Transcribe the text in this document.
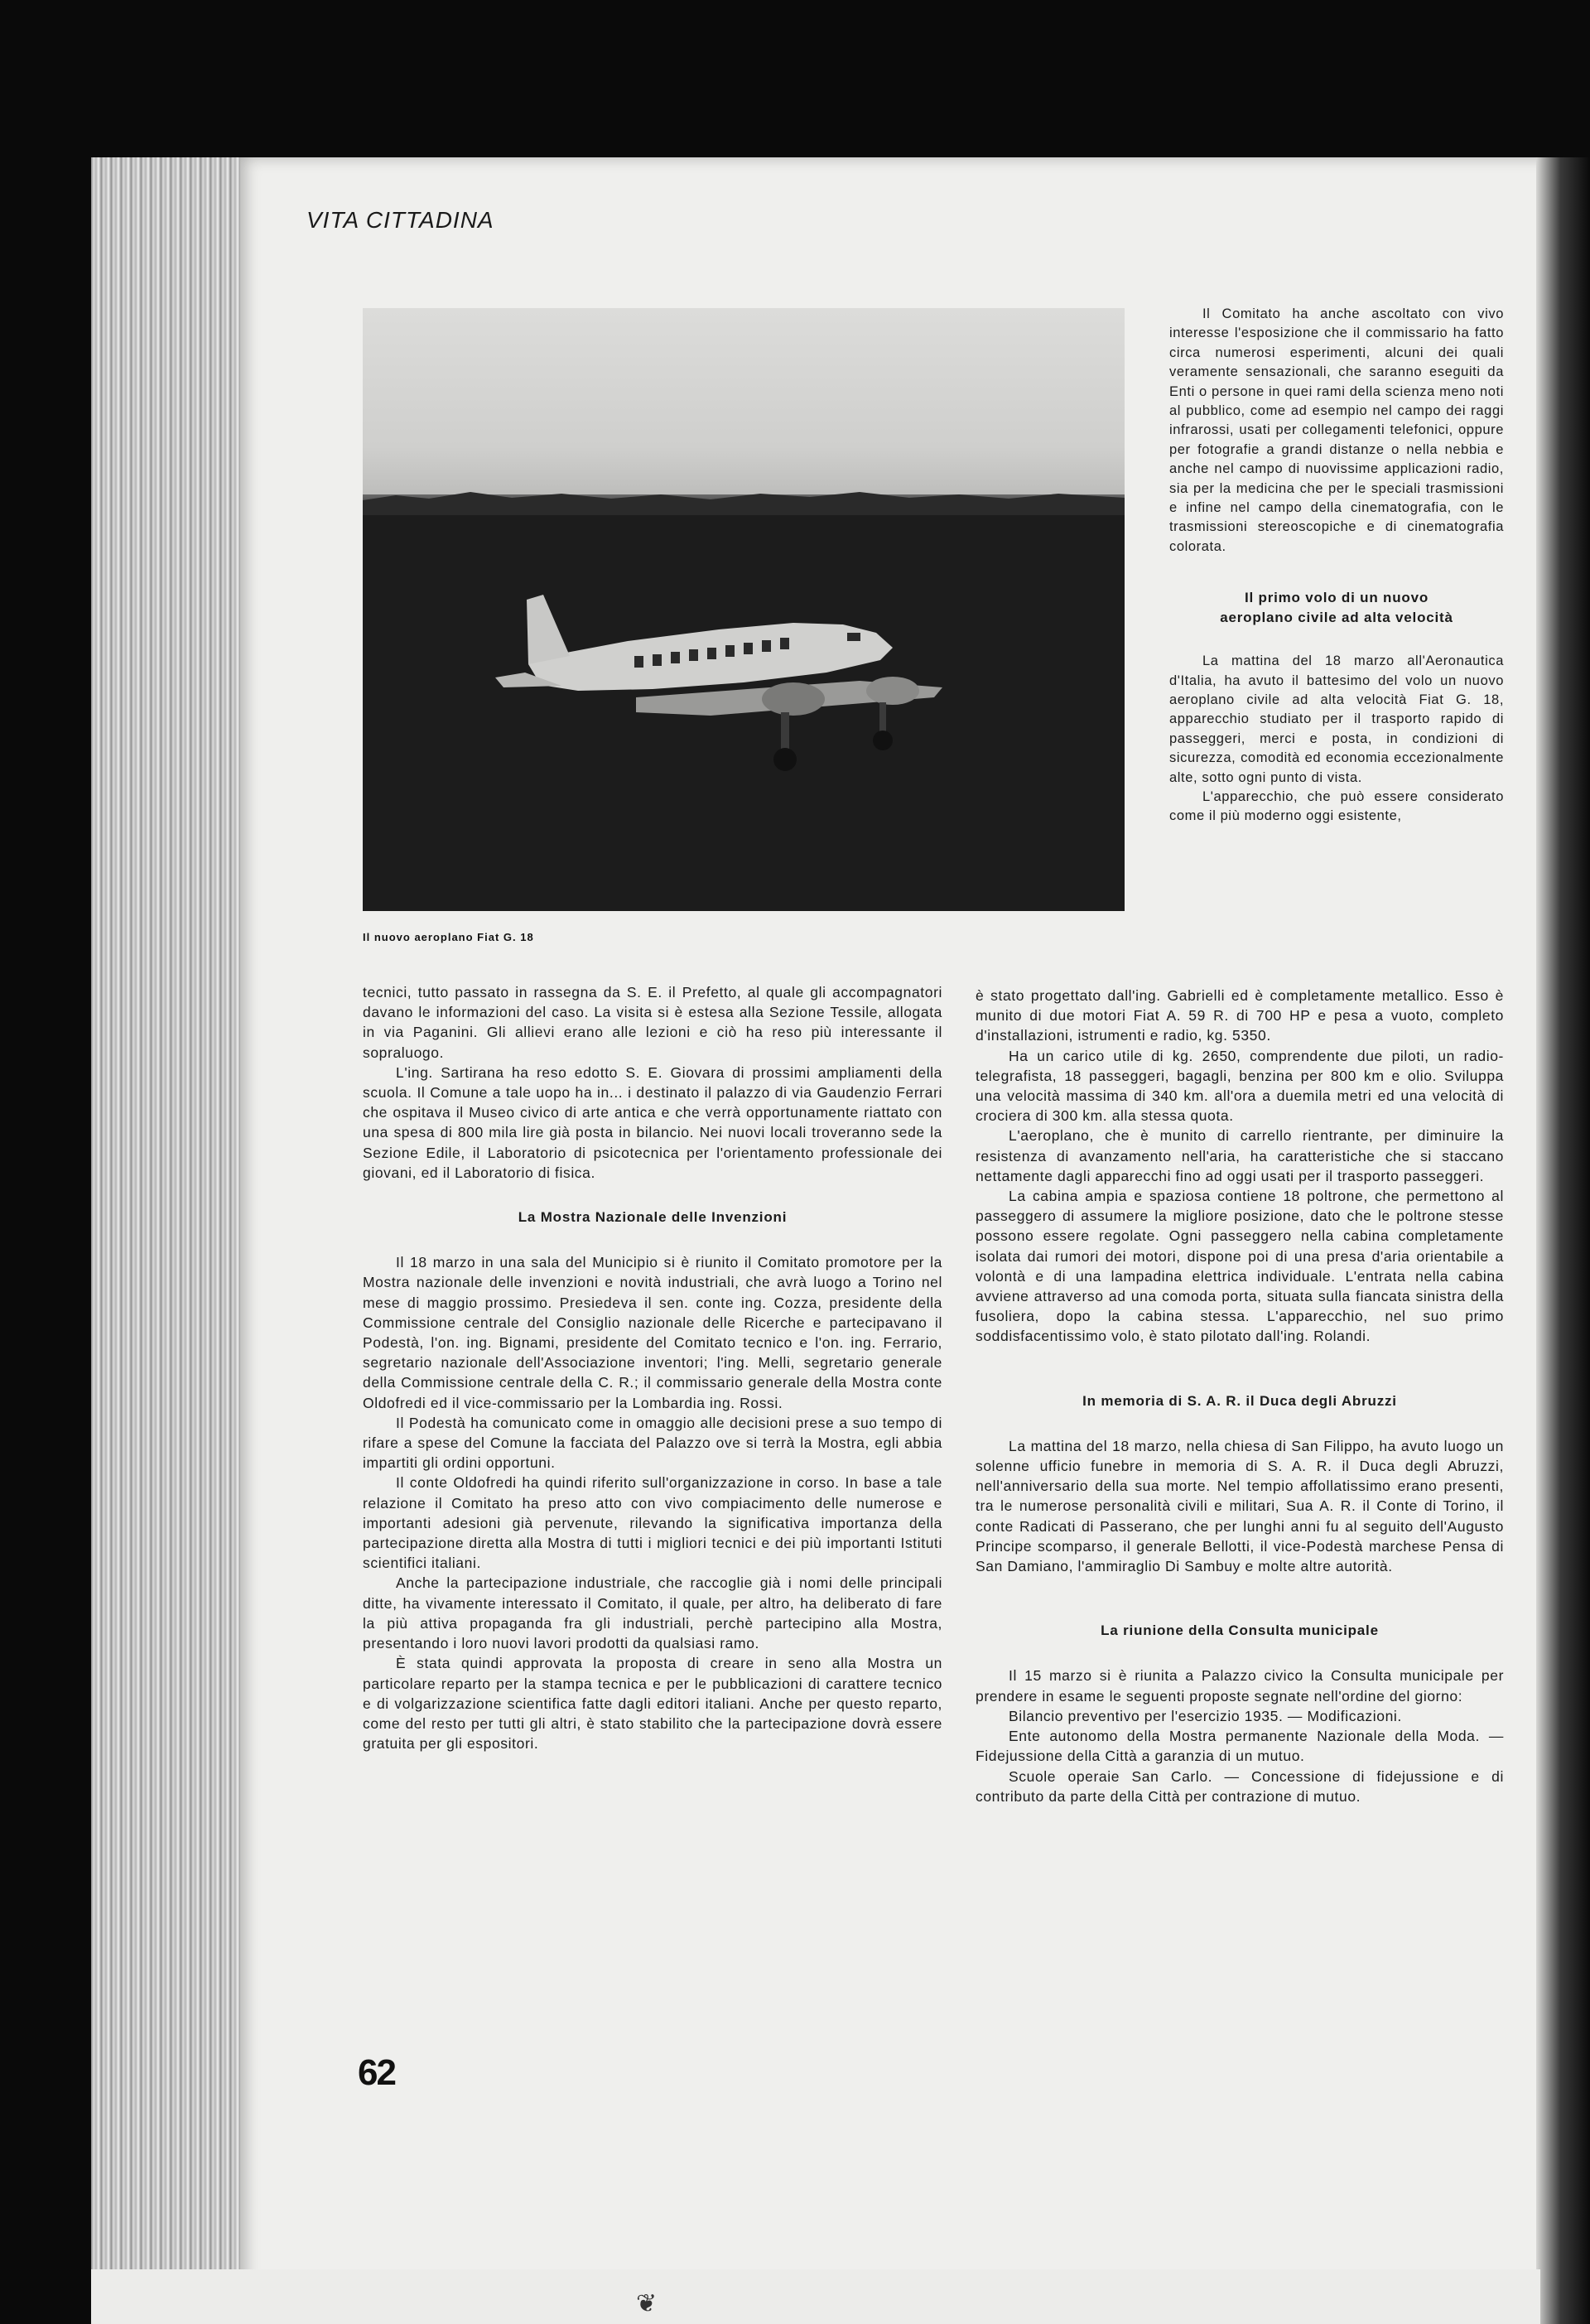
VITA CITTADINA
Il nuovo aeroplano Fiat G. 18

tecnici, tutto passato in rassegna da S. E. il Prefetto, al quale gli accompagnatori davano le informazioni del caso. La visita si è estesa alla Sezione Tessile, allogata in via Paganini. Gli allievi erano alle lezioni e ciò ha reso più interessante il sopraluogo.

L'ing. Sartirana ha reso edotto S. E. Giovara di prossimi ampliamenti della scuola. Il Comune a tale uopo ha in... i destinato il palazzo di via Gaudenzio Ferrari che ospitava il Museo civico di arte antica e che verrà opportunamente riattato con una spesa di 800 mila lire già posta in bilancio. Nei nuovi locali troveranno sede la Sezione Edile, il Laboratorio di psicotecnica per l'orientamento professionale dei giovani, ed il Laboratorio di fisica.

La Mostra Nazionale delle Invenzioni

Il 18 marzo in una sala del Municipio si è riunito il Comitato promotore per la Mostra nazionale delle invenzioni e novità industriali, che avrà luogo a Torino nel mese di maggio prossimo. Presiedeva il sen. conte ing. Cozza, presidente della Commissione centrale del Consiglio nazionale delle Ricerche e partecipavano il Podestà, l'on. ing. Bignami, presidente del Comitato tecnico e l'on. ing. Ferrario, segretario nazionale dell'Associazione inventori; l'ing. Melli, segretario generale della Commissione centrale della C. R.; il commissario generale della Mostra conte Oldofredi ed il vice-commissario per la Lombardia ing. Rossi.

Il Podestà ha comunicato come in omaggio alle decisioni prese a suo tempo di rifare a spese del Comune la facciata del Palazzo ove si terrà la Mostra, egli abbia impartiti gli ordini opportuni.

Il conte Oldofredi ha quindi riferito sull'organizzazione in corso. In base a tale relazione il Comitato ha preso atto con vivo compiacimento delle numerose e importanti adesioni già pervenute, rilevando la significativa importanza della partecipazione diretta alla Mostra di tutti i migliori tecnici e dei più importanti Istituti scientifici italiani.

Anche la partecipazione industriale, che raccoglie già i nomi delle principali ditte, ha vivamente interessato il Comitato, il quale, per altro, ha deliberato di fare la più attiva propaganda fra gli industriali, perchè partecipino alla Mostra, presentando i loro nuovi lavori prodotti da qualsiasi ramo.

È stata quindi approvata la proposta di creare in seno alla Mostra un particolare reparto per la stampa tecnica e per le pubblicazioni di carattere tecnico e di volgarizzazione scientifica fatte dagli editori italiani. Anche per questo reparto, come del resto per tutti gli altri, è stato stabilito che la partecipazione dovrà essere gratuita per gli espositori.

Il Comitato ha anche ascoltato con vivo interesse l'esposizione che il commissario ha fatto circa numerosi esperimenti, alcuni dei quali veramente sensazionali, che saranno eseguiti da Enti o persone in quei rami della scienza meno noti al pubblico, come ad esempio nel campo dei raggi infrarossi, usati per collegamenti telefonici, oppure per fotografie a grandi distanze o nella nebbia e anche nel campo di nuovissime applicazioni radio, sia per la medicina che per le speciali trasmissioni e infine nel campo della cinematografia, con le trasmissioni stereoscopiche e di cinematografia colorata.

Il primo volo di un nuovo
aeroplano civile ad alta velocità

La mattina del 18 marzo all'Aeronautica d'Italia, ha avuto il battesimo del volo un nuovo aeroplano civile ad alta velocità Fiat G. 18, apparecchio studiato per il trasporto rapido di passeggeri, merci e posta, in condizioni di sicurezza, comodità ed economia eccezionalmente alte, sotto ogni punto di vista.

L'apparecchio, che può essere considerato come il più moderno oggi esistente,

è stato progettato dall'ing. Gabrielli ed è completamente metallico. Esso è munito di due motori Fiat A. 59 R. di 700 HP e pesa a vuoto, completo d'installazioni, istrumenti e radio, kg. 5350.

Ha un carico utile di kg. 2650, comprendente due piloti, un radio-telegrafista, 18 passeggeri, bagagli, benzina per 800 km e olio. Sviluppa una velocità massima di 340 km. all'ora a duemila metri ed una velocità di crociera di 300 km. alla stessa quota.

L'aeroplano, che è munito di carrello rientrante, per diminuire la resistenza di avanzamento nell'aria, ha caratteristiche che si staccano nettamente dagli apparecchi fino ad oggi usati per il trasporto passeggeri.

La cabina ampia e spaziosa contiene 18 poltrone, che permettono al passeggero di assumere la migliore posizione, dato che le poltrone stesse possono essere regolate. Ogni passeggero nella cabina completamente isolata dai rumori dei motori, dispone poi di una presa d'aria orientabile a volontà e di una lampadina elettrica individuale. L'entrata nella cabina avviene attraverso ad una comoda porta, situata sulla fiancata sinistra della fusoliera, dopo la cabina stessa. L'apparecchio, nel suo primo soddisfacentissimo volo, è stato pilotato dall'ing. Rolandi.

In memoria di S. A. R. il Duca degli Abruzzi

La mattina del 18 marzo, nella chiesa di San Filippo, ha avuto luogo un solenne ufficio funebre in memoria di S. A. R. il Duca degli Abruzzi, nell'anniversario della sua morte. Nel tempio affollatissimo erano presenti, tra le numerose personalità civili e militari, Sua A. R. il Conte di Torino, il conte Radicati di Passerano, che per lunghi anni fu al seguito dell'Augusto Principe scomparso, il generale Bellotti, il vice-Podestà marchese Pensa di San Damiano, l'ammiraglio Di Sambuy e molte altre autorità.

La riunione della Consulta municipale

Il 15 marzo si è riunita a Palazzo civico la Consulta municipale per prendere in esame le seguenti proposte segnate nell'ordine del giorno:

Bilancio preventivo per l'esercizio 1935. — Modificazioni.

Ente autonomo della Mostra permanente Nazionale della Moda. — Fidejussione della Città a garanzia di un mutuo.

Scuole operaie San Carlo. — Concessione di fidejussione e di contributo da parte della Città per contrazione di mutuo.

62
❦
